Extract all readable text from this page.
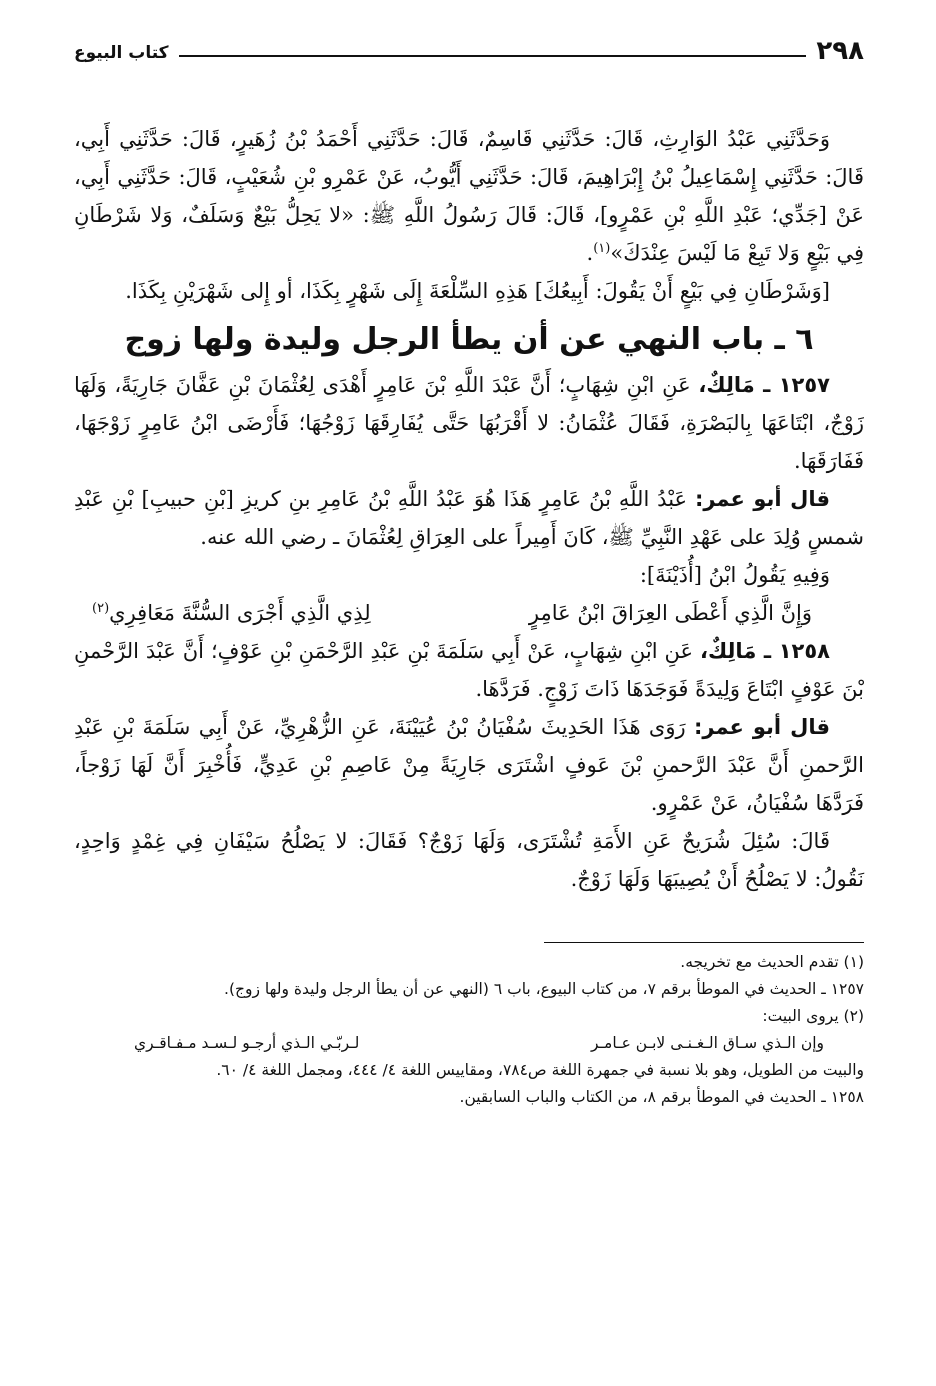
٢٩٨
كتاب البيوع

وَحَدَّثَنِي عَبْدُ الوَارِثِ، قَالَ: حَدَّثَنِي قَاسِمٌ، قَالَ: حَدَّثَنِي أَحْمَدُ بْنُ زُهَيرٍ، قَالَ: حَدَّثَنِي أَبِي، قَالَ: حَدَّثَنِي إِسْمَاعِيلُ بْنُ إِبْرَاهِيمَ، قَالَ: حَدَّثَنِي أَيُّوبُ، عَنْ عَمْرِو بْنِ شُعَيْبٍ، قَالَ: حَدَّثَنِي أَبِي، عَنْ [جَدِّي؛ عَبْدِ اللَّهِ بْنِ عَمْرٍو]، قَالَ: قَالَ رَسُولُ اللَّهِ ﷺ: «لا يَحِلُّ بَيْعٌ وَسَلَفٌ، وَلا شَرْطَانِ فِي بَيْعٍ وَلا تَبِعْ مَا لَيْسَ عِنْدَكَ»$^{(١)}$.

[وَشَرْطَانِ فِي بَيْعٍ أَنْ يَقُولَ: أَبِيعُكَ] هَذِهِ السِّلْعَةَ إِلَى شَهْرٍ بِكَذَا، أو إِلى شَهْرَيْنِ بِكَذَا.

٦ ـ باب النهي عن أن يطأ الرجل وليدة ولها زوج

١٢٥٧ ـ مَالِكٌ، عَنِ ابْنِ شِهَابٍ؛ أَنَّ عَبْدَ اللَّهِ بْنَ عَامِرٍ أَهْدَى لِعُثْمَانَ بْنِ عَفَّانَ جَارِيَةً، وَلَهَا زَوْجٌ، ابْتَاعَهَا بِالبَصْرَةِ، فَقَالَ عُثْمَانُ: لا أَقْرَبُهَا حَتَّى يُفَارِقَهَا زَوْجُهَا؛ فَأَرْضَى ابْنُ عَامِرٍ زَوْجَهَا، فَفَارَقَهَا.

قال أبو عمر: عَبْدُ اللَّهِ بْنُ عَامِرٍ هَذَا هُوَ عَبْدُ اللَّهِ بْنُ عَامِرِ بنِ كريزِ [بْنِ حبيبِ] بْنِ عَبْدِ شمسٍ وُلِدَ على عَهْدِ النَّبِيِّ ﷺ، كَانَ أَمِيراً على العِرَاقِ لِعُثْمَانَ ـ رضي الله عنه.

وَفِيهِ يَقُولُ ابْنُ [أُذَيْنَةَ]:

وَإِنَّ الَّذِي أَعْطَى العِرَاقَ ابْنُ عَامِرٍ
لِذِي الَّذِي أَجْرَى السُّنَّةَ مَعَافِرِي$^{(٢)}$

١٢٥٨ ـ مَالِكٌ، عَنِ ابْنِ شِهَابٍ، عَنْ أَبِي سَلَمَةَ بْنِ عَبْدِ الرَّحْمَنِ بْنِ عَوْفٍ؛ أَنَّ عَبْدَ الرَّحْمنِ بْنَ عَوْفٍ ابْتَاعَ وَلِيدَةً فَوَجَدَهَا ذَاتَ زَوْجٍ. فَرَدَّهَا.

قال أبو عمر: رَوَى هَذَا الحَدِيثَ سُفْيَانُ بْنُ عُيَيْنَةَ، عَنِ الزُّهْرِيِّ، عَنْ أَبِي سَلَمَةَ بْنِ عَبْدِ الرَّحمنِ أَنَّ عَبْدَ الرَّحمنِ بْنَ عَوفٍ اشْتَرَى جَارِيَةً مِنْ عَاصِمِ بْنِ عَدِيٍّ، فَأُخْبِرَ أَنَّ لَهَا زَوْجاً، فَرَدَّهَا سُفْيَانُ، عَنْ عَمْرٍو.

قَالَ: سُئِلَ شُرَيحٌ عَنِ الأَمَةِ تُشْتَرَى، وَلَهَا زَوْجٌ؟ فَقَالَ: لا يَصْلُحُ سَيْفَانِ فِي غِمْدٍ وَاحِدٍ، نَقُولُ: لا يَصْلُحُ أَنْ يُصِيبَهَا وَلَهَا زَوْجٌ.

(١) تقدم الحديث مع تخريجه.

١٢٥٧ ـ الحديث في الموطأ برقم ٧، من كتاب البيوع، باب ٦ (النهي عن أن يطأ الرجل وليدة ولها زوج).

(٢) يروى البيت:

وإن الـذي سـاق الـغـنـى لابـن عـامـر
لـربّـي الـذي أرجـو لـسـد مـفـاقـري

والبيت من الطويل، وهو بلا نسبة في جمهرة اللغة ص٧٨٤، ومقاييس اللغة ٤/ ٤٤٤، ومجمل اللغة ٤/ ٦٠.

١٢٥٨ ـ الحديث في الموطأ برقم ٨، من الكتاب والباب السابقين.
